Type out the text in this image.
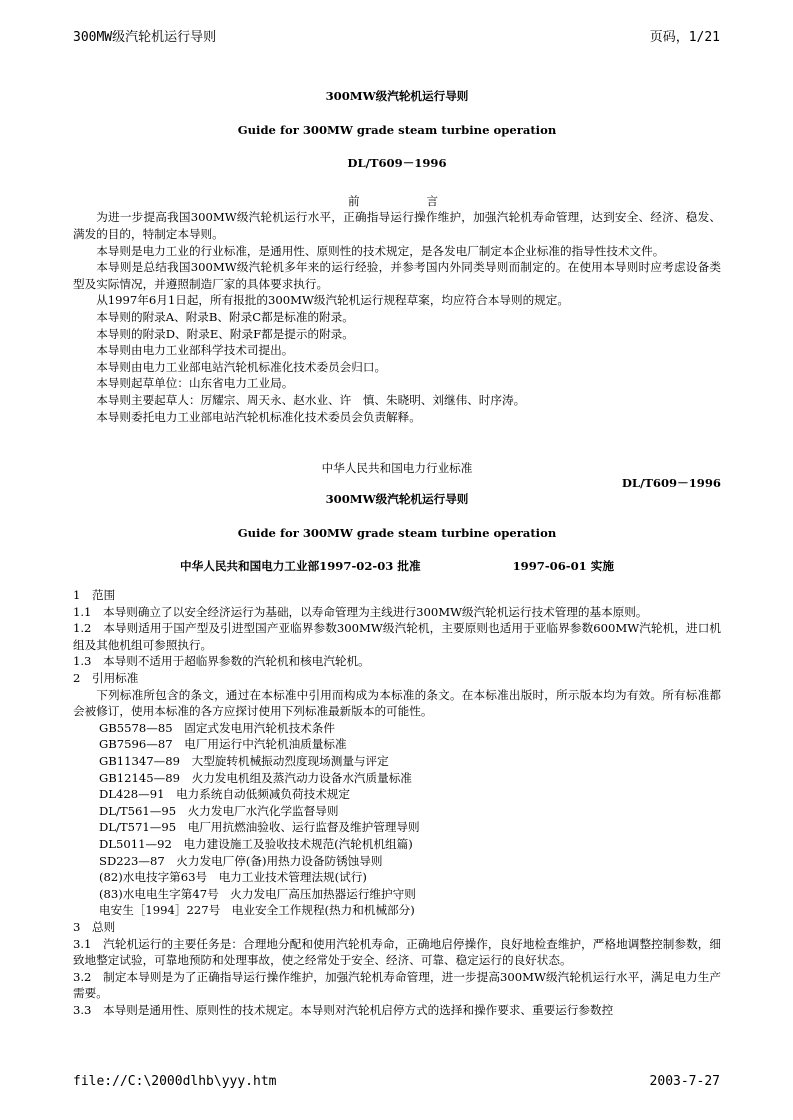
300MW级汽轮机运行导则	页码，1/21
300MW级汽轮机运行导则
Guide for 300MW grade steam turbine operation
DL/T609－1996
前　　　言

为进一步提高我国300MW级汽轮机运行水平，正确指导运行操作维护，加强汽轮机寿命管理，达到安全、经济、稳发、满发的目的，特制定本导则。

本导则是电力工业的行业标准，是通用性、原则性的技术规定，是各发电厂制定本企业标准的指导性技术文件。

本导则是总结我国300MW级汽轮机多年来的运行经验，并参考国内外同类导则而制定的。在使用本导则时应考虑设备类型及实际情况，并遵照制造厂家的具体要求执行。

从1997年6月1日起，所有报批的300MW级汽轮机运行规程草案，均应符合本导则的规定。

本导则的附录A、附录B、附录C都是标准的附录。

本导则的附录D、附录E、附录F都是提示的附录。

本导则由电力工业部科学技术司提出。

本导则由电力工业部电站汽轮机标准化技术委员会归口。

本导则起草单位：山东省电力工业局。

本导则主要起草人：厉耀宗、周天永、赵水业、许　慎、朱晓明、刘继伟、时序涛。

本导则委托电力工业部电站汽轮机标准化技术委员会负责解释。

中华人民共和国电力行业标准
DL/T609－1996
300MW级汽轮机运行导则
Guide for 300MW grade steam turbine operation
中华人民共和国电力工业部1997-02-03 批准	1997-06-01 实施

1　范围

1.1　本导则确立了以安全经济运行为基础，以寿命管理为主线进行300MW级汽轮机运行技术管理的基本原则。

1.2　本导则适用于国产型及引进型国产亚临界参数300MW级汽轮机，主要原则也适用于亚临界参数600MW汽轮机，进口机组及其他机组可参照执行。

1.3　本导则不适用于超临界参数的汽轮机和核电汽轮机。

2　引用标准

下列标准所包含的条文，通过在本标准中引用而构成为本标准的条文。在本标准出版时，所示版本均为有效。所有标准都会被修订，使用本标准的各方应探讨使用下列标准最新版本的可能性。

GB5578—85　固定式发电用汽轮机技术条件

GB7596—87　电厂用运行中汽轮机油质量标准

GB11347—89　大型旋转机械振动烈度现场测量与评定

GB12145—89　火力发电机组及蒸汽动力设备水汽质量标准

DL428—91　电力系统自动低频减负荷技术规定

DL/T561—95　火力发电厂水汽化学监督导则

DL/T571—95　电厂用抗燃油验收、运行监督及维护管理导则

DL5011—92　电力建设施工及验收技术规范(汽轮机机组篇)

SD223—87　火力发电厂停(备)用热力设备防锈蚀导则

(82)水电技字第63号　电力工业技术管理法规(试行)

(83)水电电生字第47号　火力发电厂高压加热器运行维护守则

电安生［1994］227号　电业安全工作规程(热力和机械部分)

3　总则

3.1　汽轮机运行的主要任务是：合理地分配和使用汽轮机寿命，正确地启停操作，良好地检查维护，严格地调整控制参数，细致地整定试验，可靠地预防和处理事故，使之经常处于安全、经济、可靠、稳定运行的良好状态。

3.2　制定本导则是为了正确指导运行操作维护，加强汽轮机寿命管理，进一步提高300MW级汽轮机运行水平，满足电力生产需要。

3.3　本导则是通用性、原则性的技术规定。本导则对汽轮机启停方式的选择和操作要求、重要运行参数控

file://C:\2000dlhb\yyy.htm	2003-7-27
